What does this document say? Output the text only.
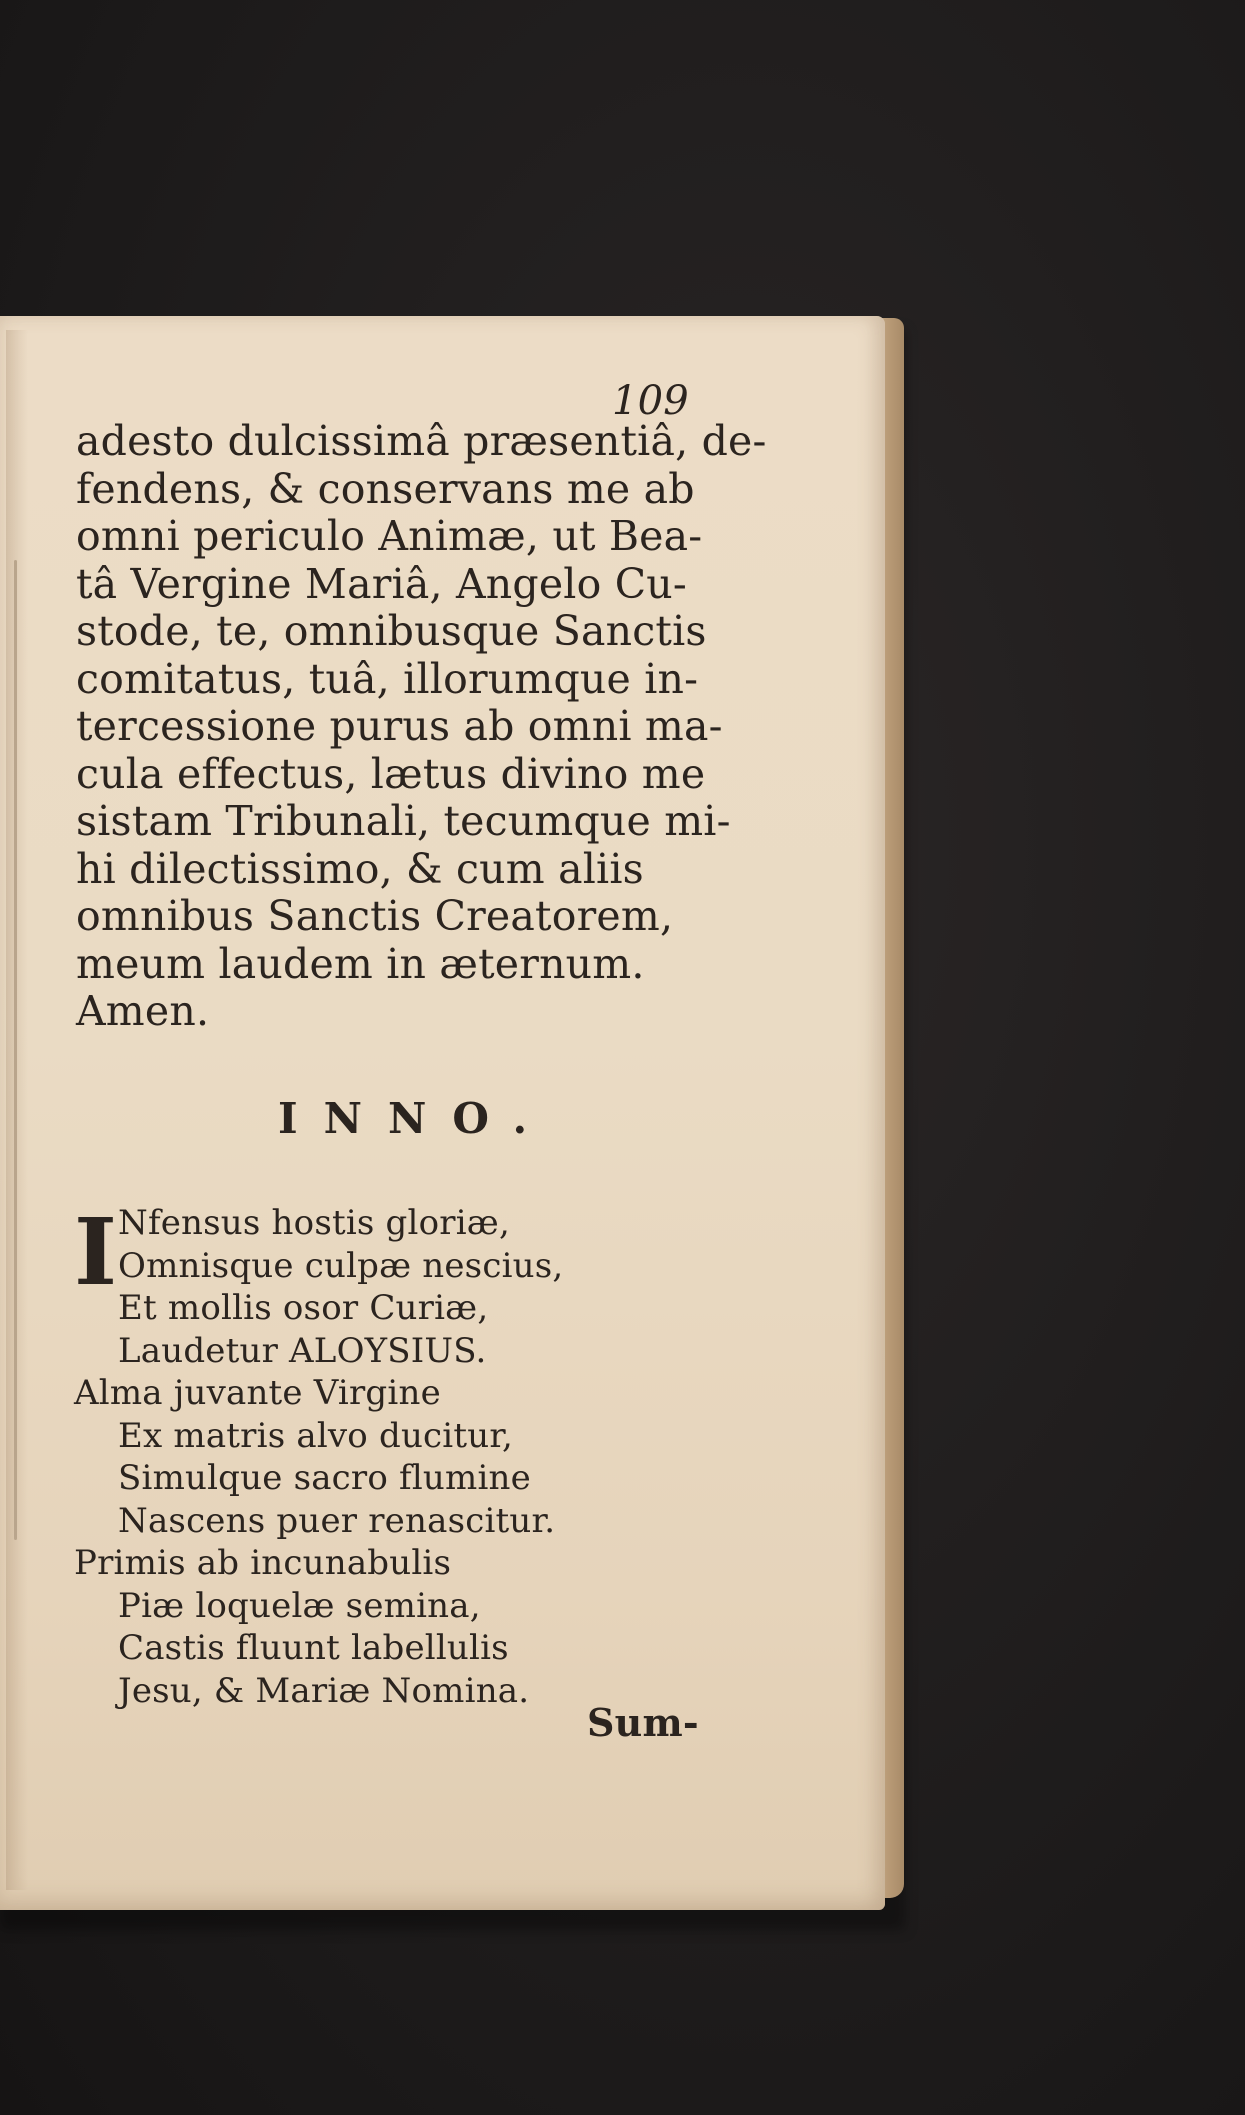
109
adesto dulcissimâ præsentiâ, de-
fendens, & conservans me ab
omni periculo Animæ, ut Bea-
tâ Vergine Mariâ, Angelo Cu-
stode, te, omnibusque Sanctis
comitatus, tuâ, illorumque in-
tercessione purus ab omni ma-
cula effectus, lætus divino me
sistam Tribunali, tecumque mi-
hi dilectissimo, & cum aliis
omnibus Sanctis Creatorem,
meum laudem in æternum.
Amen.
INNO.
I Nfensus hostis gloriæ,
Omnisque culpæ nescius,
Et mollis osor Curiæ,
Laudetur ALOYSIUS.
Alma juvante Virgine
Ex matris alvo ducitur,
Simulque sacro flumine
Nascens puer renascitur.
Primis ab incunabulis
Piæ loquelæ semina,
Castis fluunt labellulis
Jesu, & Mariæ Nomina.
Sum-
